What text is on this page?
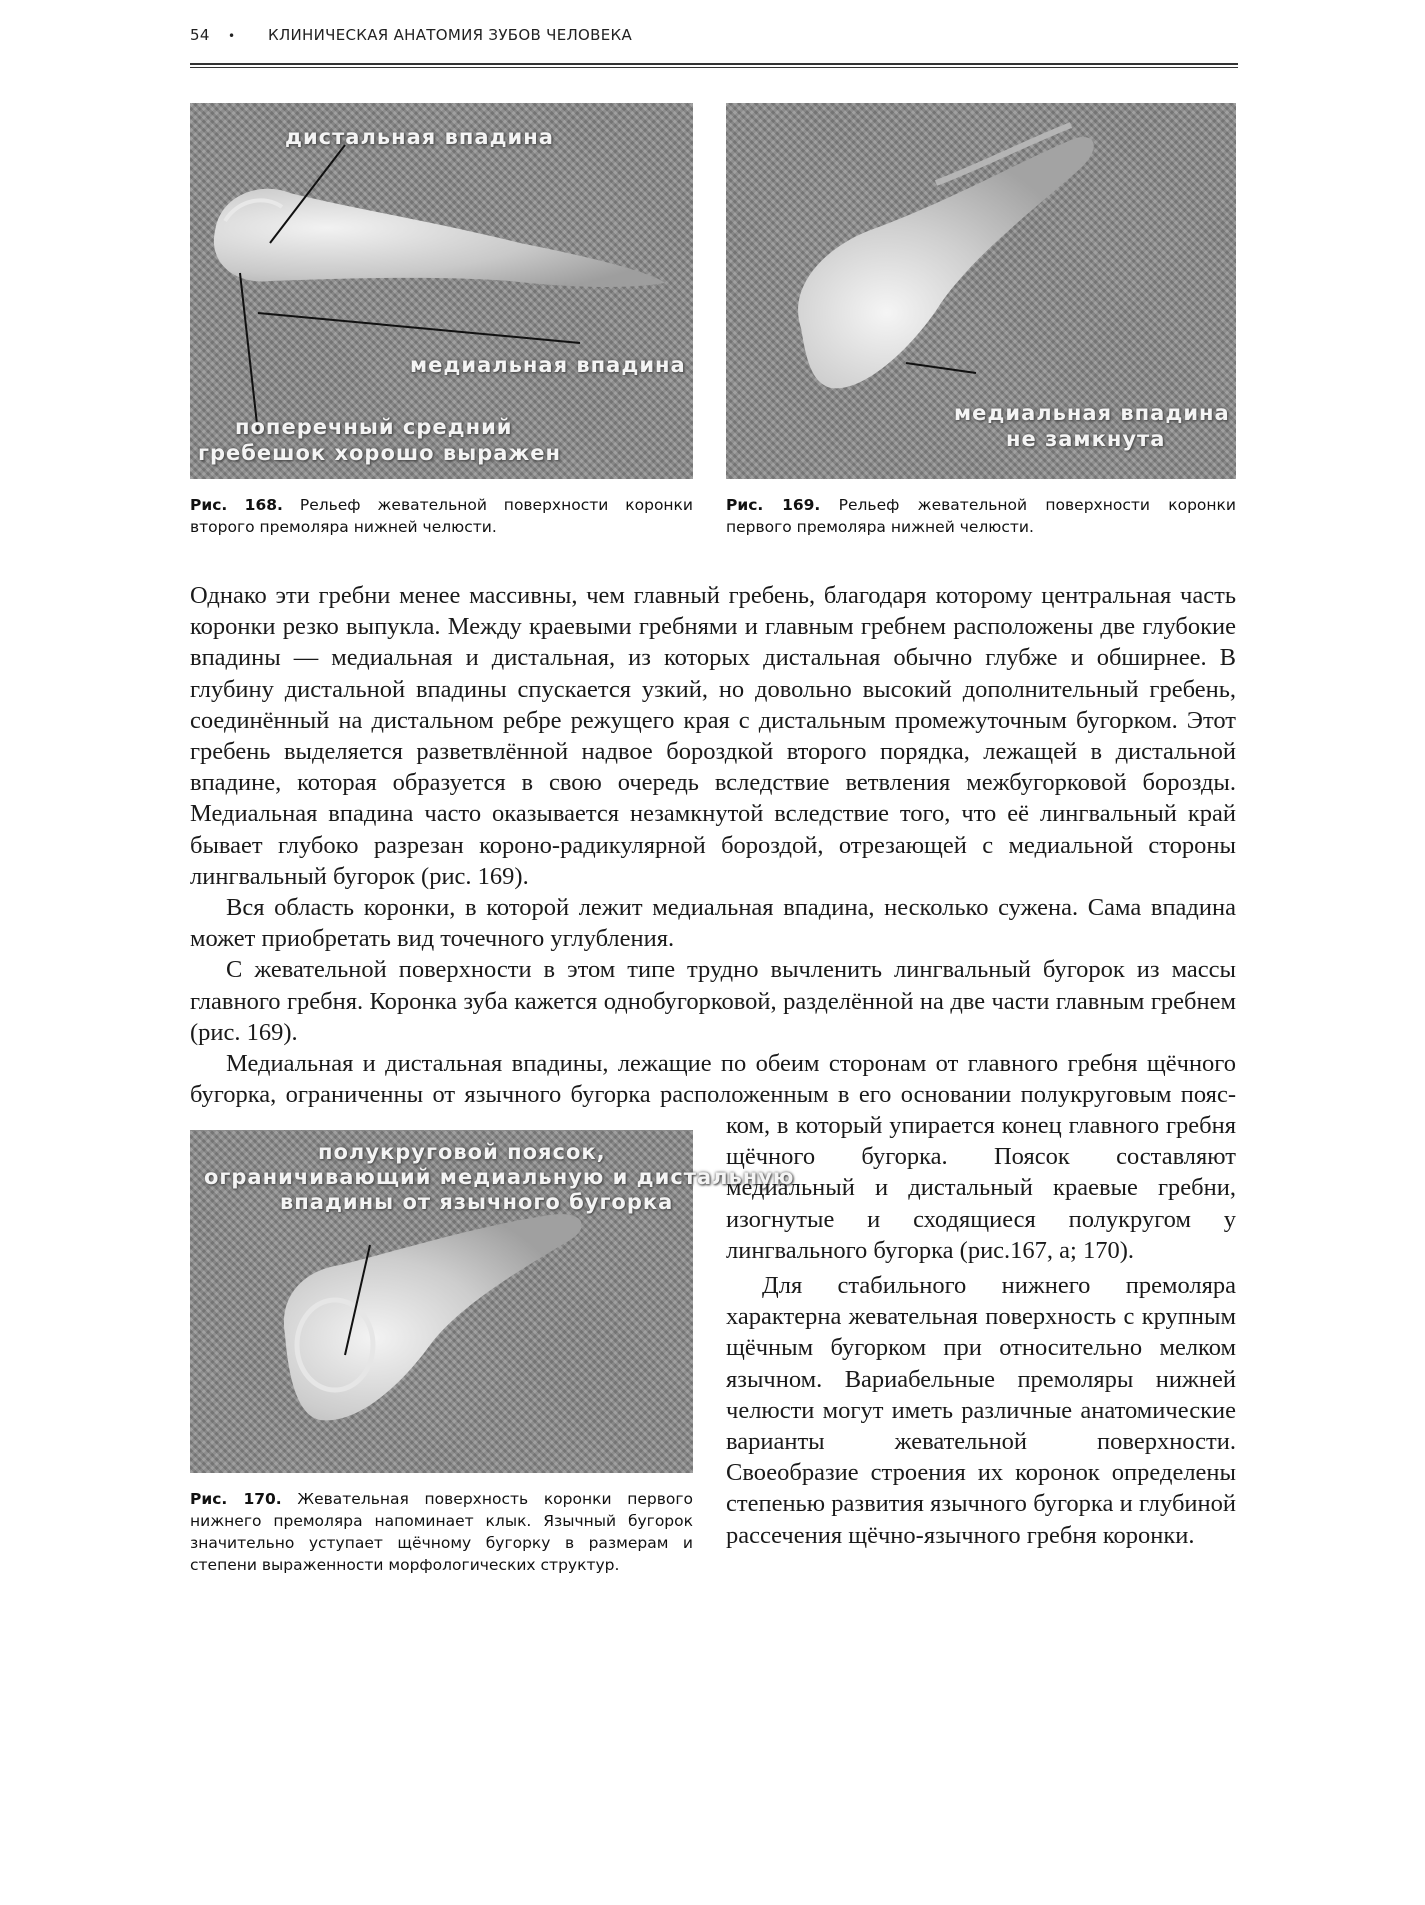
54 • КЛИНИЧЕСКАЯ АНАТОМИЯ ЗУБОВ ЧЕЛОВЕКА
дистальная впадина
медиальная впадина
поперечный средний
гребешок хорошо выражен
Рис. 168. Рельеф жевательной поверхности коронки второго премоляра нижней челюсти.
медиальная впадина
не замкнута
Рис. 169. Рельеф жевательной поверхности коронки первого премоляра нижней челюсти.

Однако эти гребни менее массивны, чем главный гребень, благодаря которому центральная часть коронки резко выпукла. Между краевыми гребнями и главным гребнем расположены две глубокие впадины — медиальная и дистальная, из которых дистальная обычно глубже и обширнее. В глубину дистальной впадины спускается узкий, но довольно высокий дополнительный гребень, соединённый на дистальном ребре режущего края с дистальным промежуточным бугорком. Этот гребень выделяется разветвлённой надвое бороздкой второго порядка, лежащей в дистальной впадине, которая образуется в свою очередь вследствие ветвления межбугорковой борозды. Медиальная впадина часто оказывается незамкнутой вследствие того, что её лингвальный край бывает глубоко разрезан короно-радикулярной бороздой, отрезающей с медиальной стороны лингвальный бугорок (рис. 169).

Вся область коронки, в которой лежит медиальная впадина, несколько сужена. Сама впадина может приобретать вид точечного углубления.

С жевательной поверхности в этом типе трудно вычленить лингвальный бугорок из массы главного гребня. Коронка зуба кажется однобугорковой, разделённой на две части главным гребнем (рис. 169).

Медиальная и дистальная впадины, лежащие по обеим сторонам от главного гребня щёчного бугорка, ограниченны от язычного бугорка расположенным в его основании полукруговым пояс-

полукруговой поясок,
ограничивающий медиальную и дистальную
впадины от язычного бугорка
Рис. 170. Жевательная поверхность коронки первого нижнего премоляра напоминает клык. Язычный бугорок значительно уступает щёчному бугорку в размерам и степени выраженности морфологических структур.

ком, в который упирается конец главного гребня щёчного бугорка. Поясок составляют медиальный и дистальный краевые гребни, изогнутые и сходящиеся полукругом у лингвального бугорка (рис.167, а; 170).

Для стабильного нижнего премоляра характерна жевательная поверхность с крупным щёчным бугорком при относительно мелком язычном. Вариабельные премоляры нижней челюсти могут иметь различные анатомические варианты жевательной поверхности. Своеобразие строения их коронок определены степенью развития язычного бугорка и глубиной рассечения щёчно-язычного гребня коронки.
